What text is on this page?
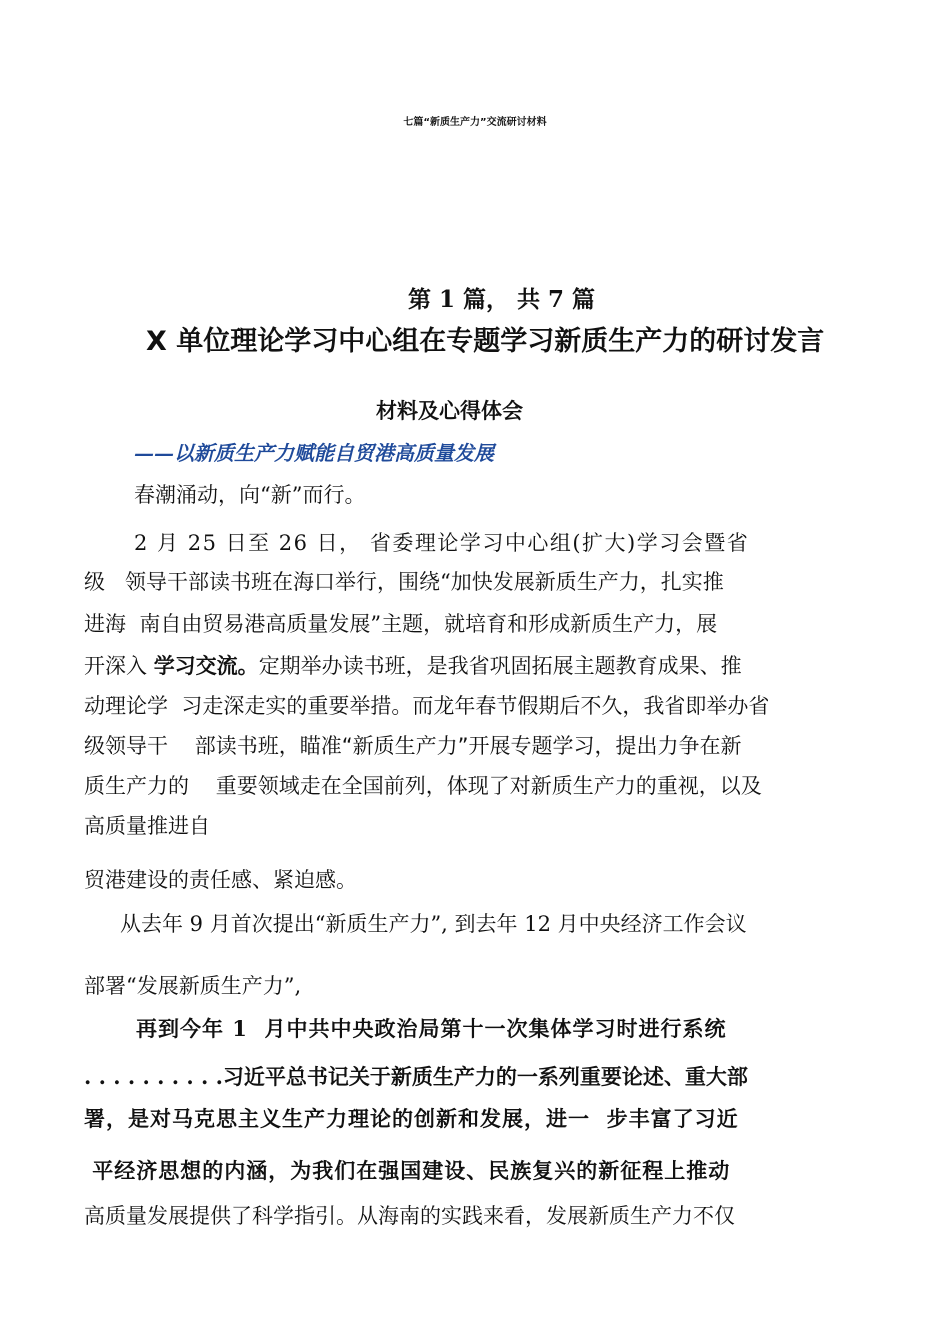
七篇“新质生产力”交流研讨材料
第 1 篇， 共 7 篇
X 单位理论学习中心组在专题学习新质生产力的研讨发言
材料及心得体会
——以新质生产力赋能自贸港高质量发展
春潮涌动，向“新”而行。
2 月 25 日至 26 日， 省委理论学习中心组(扩大)学习会暨省
级   领导干部读书班在海口举行，围绕“加快发展新质生产力，扎实推
进海  南自由贸易港高质量发展”主题，就培育和形成新质生产力，展
开深入 学习交流。定期举办读书班，是我省巩固拓展主题教育成果、推
动理论学  习走深走实的重要举措。而龙年春节假期后不久，我省即举办省
级领导干    部读书班，瞄准“新质生产力”开展专题学习，提出力争在新
质生产力的    重要领域走在全国前列，体现了对新质生产力的重视，以及
高质量推进自
贸港建设的责任感、紧迫感。
从去年 9 月首次提出“新质生产力”, 到去年 12 月中央经济工作会议
部署“发展新质生产力”,
再到今年 1  月中共中央政治局第十一次集体学习时进行系统
. . . . . . . . . .习近平总书记关于新质生产力的一系列重要论述、重大部
署，是对马克思主义生产力理论的创新和发展，进一  步丰富了习近
平经济思想的内涵，为我们在强国建设、民族复兴的新征程上推动
高质量发展提供了科学指引。从海南的实践来看，发展新质生产力不仅
